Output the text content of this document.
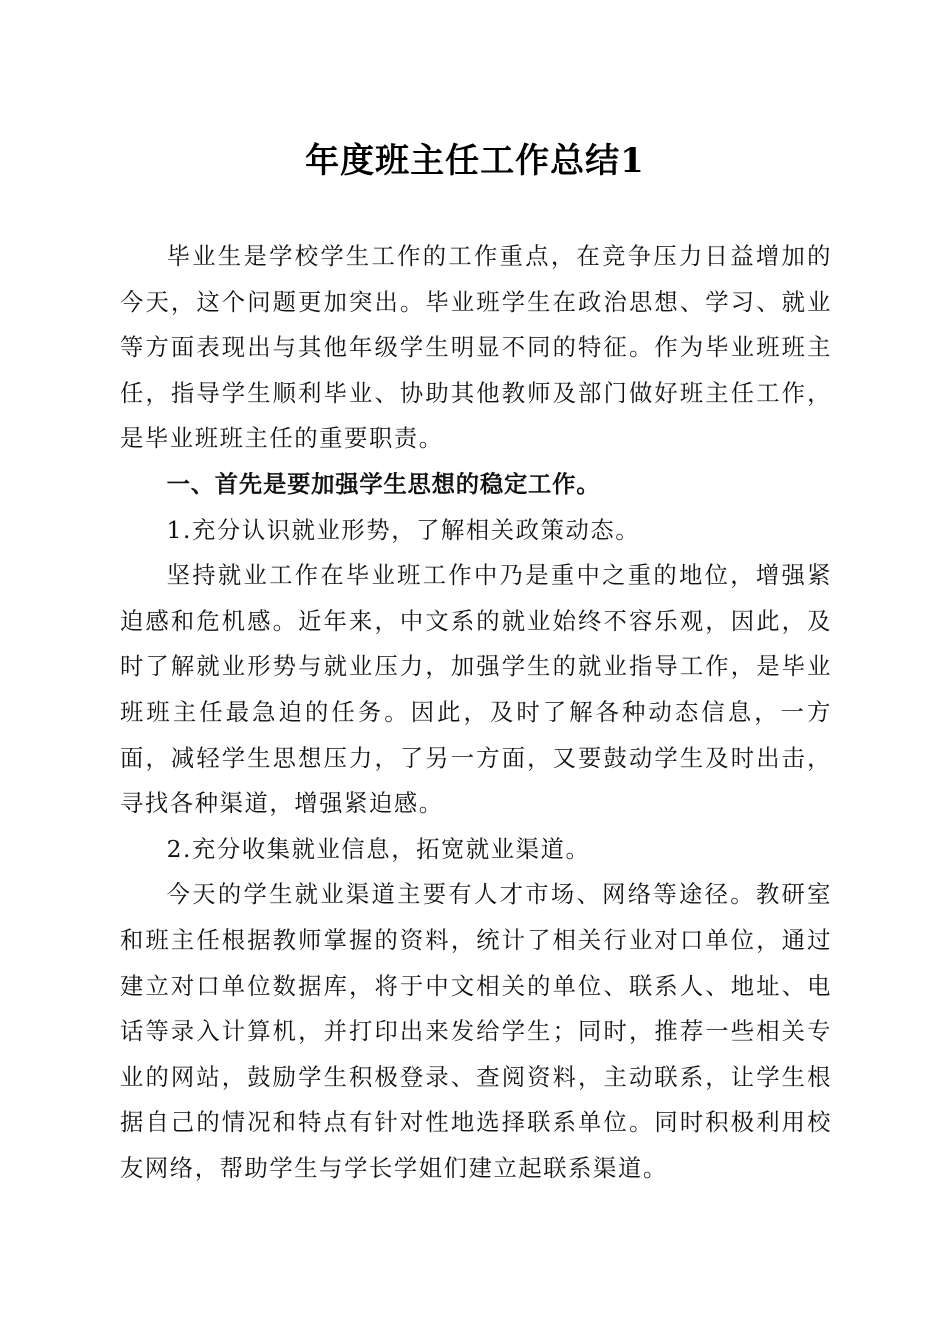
年度班主任工作总结1

毕业生是学校学生工作的工作重点，在竞争压力日益增加的今天，这个问题更加突出。毕业班学生在政治思想、学习、就业等方面表现出与其他年级学生明显不同的特征。作为毕业班班主任，指导学生顺利毕业、协助其他教师及部门做好班主任工作，是毕业班班主任的重要职责。

一、首先是要加强学生思想的稳定工作。

1.充分认识就业形势，了解相关政策动态。

坚持就业工作在毕业班工作中乃是重中之重的地位，增强紧迫感和危机感。近年来，中文系的就业始终不容乐观，因此，及时了解就业形势与就业压力，加强学生的就业指导工作，是毕业班班主任最急迫的任务。因此，及时了解各种动态信息，一方面，减轻学生思想压力，了另一方面，又要鼓动学生及时出击，寻找各种渠道，增强紧迫感。

2.充分收集就业信息，拓宽就业渠道。

今天的学生就业渠道主要有人才市场、网络等途径。教研室和班主任根据教师掌握的资料，统计了相关行业对口单位，通过建立对口单位数据库，将于中文相关的单位、联系人、地址、电话等录入计算机，并打印出来发给学生；同时，推荐一些相关专业的网站，鼓励学生积极登录、查阅资料，主动联系，让学生根据自己的情况和特点有针对性地选择联系单位。同时积极利用校友网络，帮助学生与学长学姐们建立起联系渠道。
